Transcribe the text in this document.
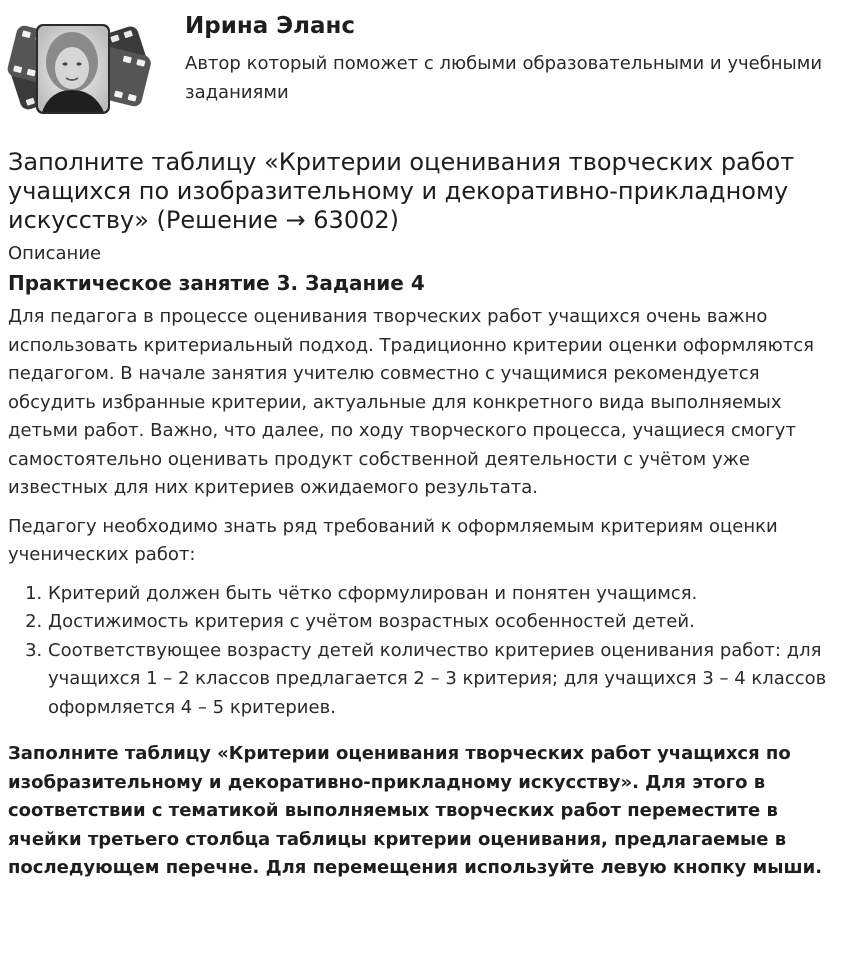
Ирина Эланс
Автор который поможет с любыми образовательными и учебными заданиями
Заполните таблицу «Критерии оценивания творческих работ учащихся по изобразительному и декоративно-прикладному искусству» (Решение → 63002)
Описание
Практическое занятие 3. Задание 4

Для педагога в процессе оценивания творческих работ учащихся очень важно использовать критериальный подход. Традиционно критерии оценки оформляются педагогом. В начале занятия учителю совместно с учащимися рекомендуется обсудить избранные критерии, актуальные для конкретного вида выполняемых детьми работ. Важно, что далее, по ходу творческого процесса, учащиеся смогут самостоятельно оценивать продукт собственной деятельности с учётом уже известных для них критериев ожидаемого результата.

Педагогу необходимо знать ряд требований к оформляемым критериям оценки ученических работ:

1. Критерий должен быть чётко сформулирован и понятен учащимся.
2. Достижимость критерия с учётом возрастных особенностей детей.
3. Соответствующее возрасту детей количество критериев оценивания работ: для учащихся 1 – 2 классов предлагается 2 – 3 критерия; для учащихся 3 – 4 классов оформляется 4 – 5 критериев.

Заполните таблицу «Критерии оценивания творческих работ учащихся по изобразительному и декоративно-прикладному искусству». Для этого в соответствии с тематикой выполняемых творческих работ переместите в ячейки третьего столбца таблицы критерии оценивания, предлагаемые в последующем перечне. Для перемещения используйте левую кнопку мыши.
